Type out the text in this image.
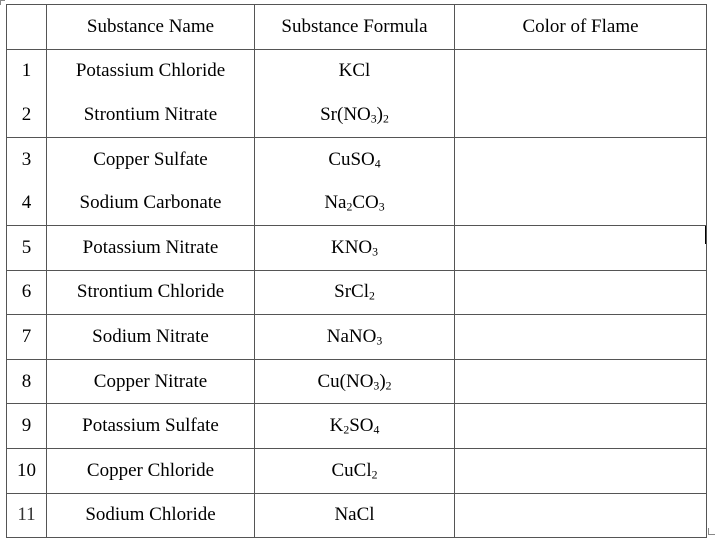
	Substance Name	Substance Formula	Color of Flame
1	Potassium Chloride	KCl	
2	Strontium Nitrate	$Sr(NO_3)_2$	
3	Copper Sulfate	CuSO$_4$	
4	Sodium Carbonate	$Na_2CO_3$	
5	Potassium Nitrate	$KNO_3$	
6	Strontium Chloride	SrCl$_2$	
7	Sodium Nitrate	NaNO$_3$	
8	Copper Nitrate	$Cu(NO_3)_2$	
9	Potassium Sulfate	$K_2SO_4$	
10	Copper Chloride	CuCl$_2$	
11	Sodium Chloride	NaCl	
